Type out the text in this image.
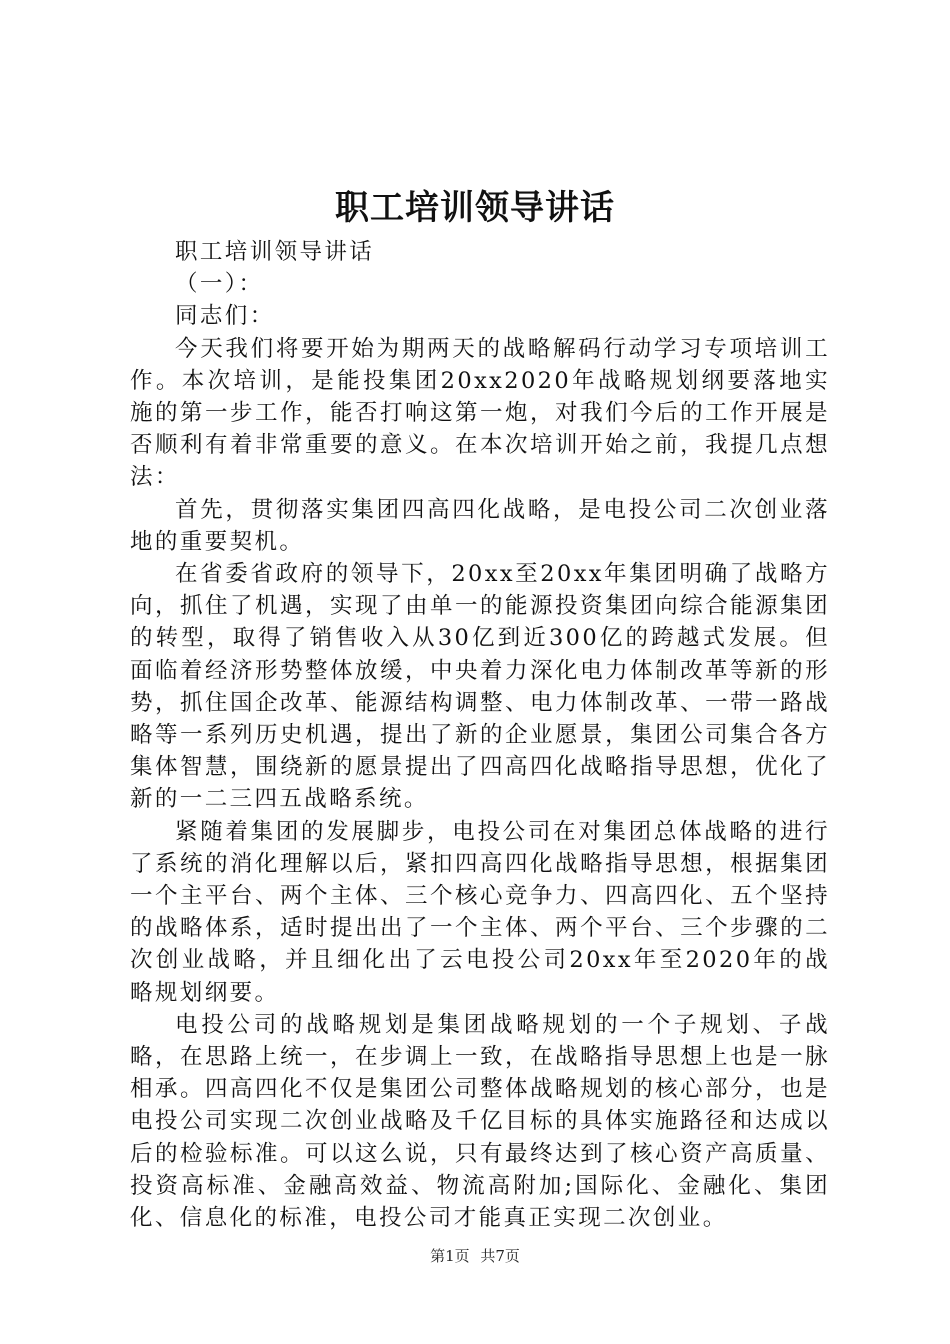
职工培训领导讲话

职工培训领导讲话

（一）：

同志们：

今天我们将要开始为期两天的战略解码行动学习专项培训工作。本次培训，是能投集团20xx2020年战略规划纲要落地实施的第一步工作，能否打响这第一炮，对我们今后的工作开展是否顺利有着非常重要的意义。在本次培训开始之前，我提几点想法：

首先，贯彻落实集团四高四化战略，是电投公司二次创业落地的重要契机。

在省委省政府的领导下，20xx至20xx年集团明确了战略方向，抓住了机遇，实现了由单一的能源投资集团向综合能源集团的转型，取得了销售收入从30亿到近300亿的跨越式发展。但面临着经济形势整体放缓，中央着力深化电力体制改革等新的形势，抓住国企改革、能源结构调整、电力体制改革、一带一路战略等一系列历史机遇，提出了新的企业愿景，集团公司集合各方集体智慧，围绕新的愿景提出了四高四化战略指导思想，优化了新的一二三四五战略系统。

紧随着集团的发展脚步，电投公司在对集团总体战略的进行了系统的消化理解以后，紧扣四高四化战略指导思想，根据集团一个主平台、两个主体、三个核心竞争力、四高四化、五个坚持的战略体系，适时提出出了一个主体、两个平台、三个步骤的二次创业战略，并且细化出了云电投公司20xx年至2020年的战略规划纲要。

电投公司的战略规划是集团战略规划的一个子规划、子战略，在思路上统一，在步调上一致，在战略指导思想上也是一脉相承。四高四化不仅是集团公司整体战略规划的核心部分，也是电投公司实现二次创业战略及千亿目标的具体实施路径和达成以后的检验标准。可以这么说，只有最终达到了核心资产高质量、投资高标准、金融高效益、物流高附加;国际化、金融化、集团化、信息化的标准，电投公司才能真正实现二次创业。

第1页 共7页
